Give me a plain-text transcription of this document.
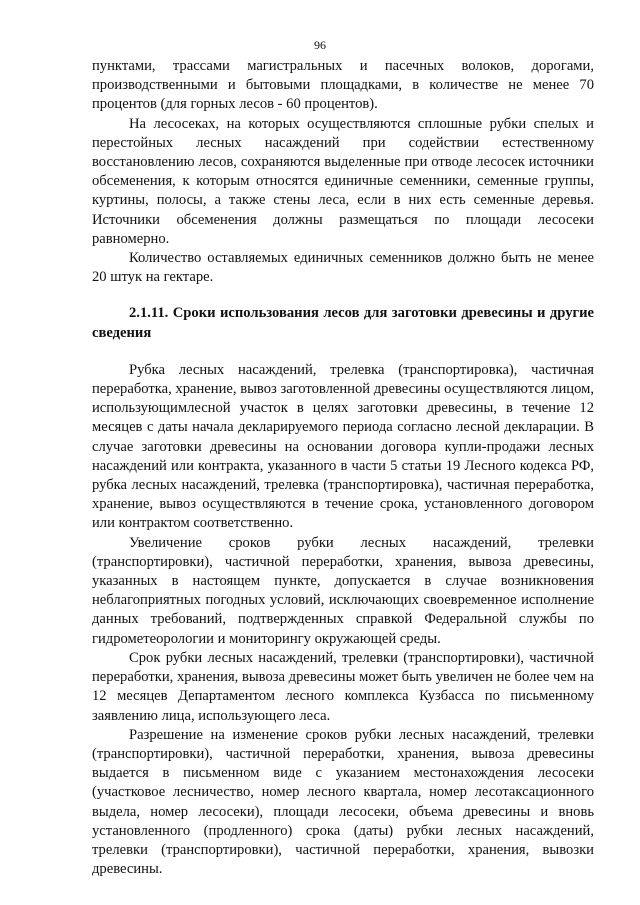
96

пунктами, трассами магистральных и пасечных волоков, дорогами, производственными и бытовыми площадками, в количестве не менее 70 процентов (для горных лесов - 60 процентов).

На лесосеках, на которых осуществляются сплошные рубки спелых и перестойных лесных насаждений при содействии естественному восстановлению лесов, сохраняются выделенные при отводе лесосек источники обсеменения, к которым относятся единичные семенники, семенные группы, куртины, полосы, а также стены леса, если в них есть семенные деревья. Источники обсеменения должны размещаться по площади лесосеки равномерно.

Количество оставляемых единичных семенников должно быть не менее 20 штук на гектаре.

2.1.11. Сроки использования лесов для заготовки древесины и другие сведения

Рубка лесных насаждений, трелевка (транспортировка), частичная переработка, хранение, вывоз заготовленной древесины осуществляются лицом, использующимлесной участок в целях заготовки древесины, в течение 12 месяцев с даты начала декларируемого периода согласно лесной декларации. В случае заготовки древесины на основании договора купли-продажи лесных насаждений или контракта, указанного в части 5 статьи 19 Лесного кодекса РФ, рубка лесных насаждений, трелевка (транспортировка), частичная переработка, хранение, вывоз осуществляются в течение срока, установленного договором или контрактом соответственно.

Увеличение сроков рубки лесных насаждений, трелевки (транспортировки), частичной переработки, хранения, вывоза древесины, указанных в настоящем пункте, допускается в случае возникновения неблагоприятных погодных условий, исключающих своевременное исполнение данных требований, подтвержденных справкой Федеральной службы по гидрометеорологии и мониторингу окружающей среды.

Срок рубки лесных насаждений, трелевки (транспортировки), частичной переработки, хранения, вывоза древесины может быть увеличен не более чем на 12 месяцев Департаментом лесного комплекса Кузбасса по письменному заявлению лица, использующего леса.

Разрешение на изменение сроков рубки лесных насаждений, трелевки (транспортировки), частичной переработки, хранения, вывоза древесины выдается в письменном виде с указанием местонахождения лесосеки (участковое лесничество, номер лесного квартала, номер лесотаксационного выдела, номер лесосеки), площади лесосеки, объема древесины и вновь установленного (продленного) срока (даты) рубки лесных насаждений, трелевки (транспортировки), частичной переработки, хранения, вывозки древесины.
